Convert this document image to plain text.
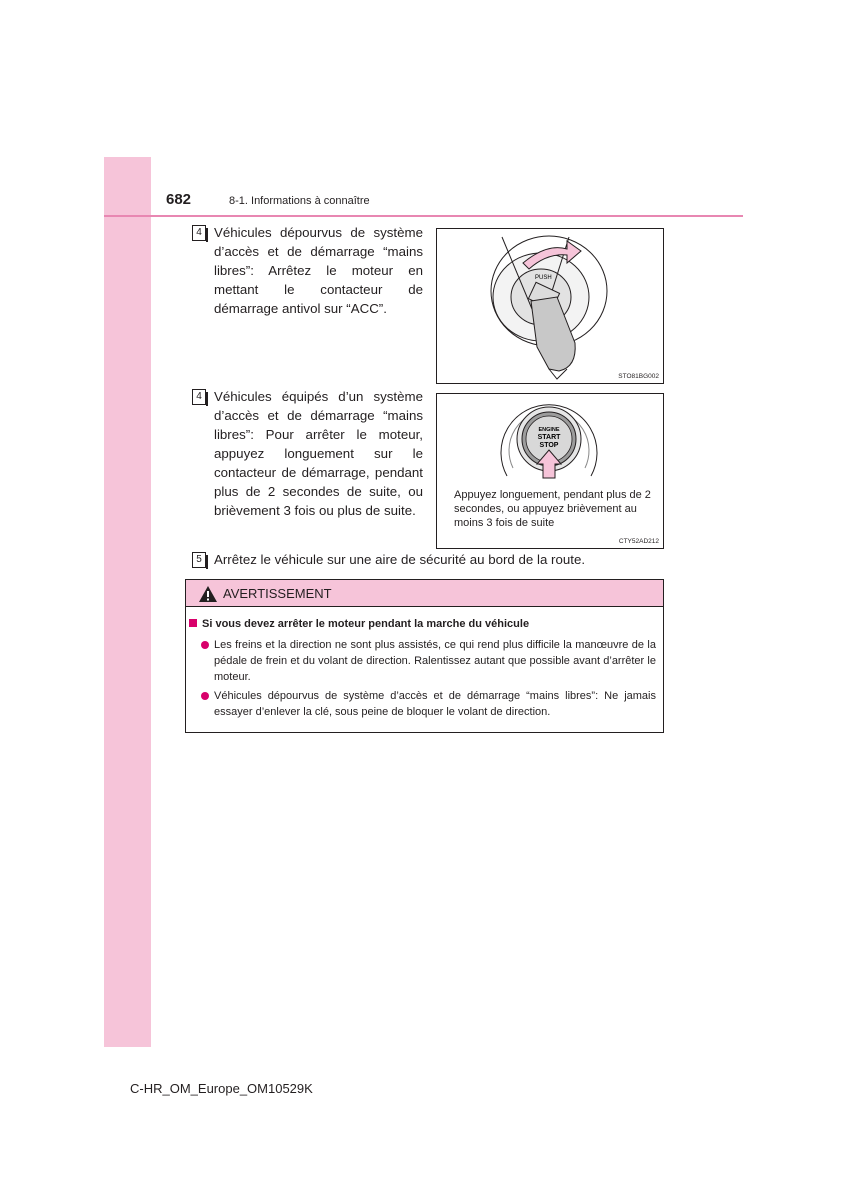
682	8-1. Informations à connaître
4 Véhicules dépourvus de système d’accès et de démarrage “mains libres”: Arrêtez le moteur en mettant le contacteur de démarrage antivol sur “ACC”.
PUSH
STO81BG002
4 Véhicules équipés d’un système d’accès et de démarrage “mains libres”: Pour arrêter le moteur, appuyez longuement sur le contacteur de démarrage, pendant plus de 2 secondes de suite, ou brièvement 3 fois ou plus de suite.
ENGINE
START
STOP
Appuyez longuement, pendant plus de 2 secondes, ou appuyez brièvement au moins 3 fois de suite
CTY52AD212
5 Arrêtez le véhicule sur une aire de sécurité au bord de la route.
AVERTISSEMENT
Si vous devez arrêter le moteur pendant la marche du véhicule
Les freins et la direction ne sont plus assistés, ce qui rend plus difficile la manœuvre de la pédale de frein et du volant de direction. Ralentissez autant que possible avant d’arrêter le moteur.
Véhicules dépourvus de système d’accès et de démarrage “mains libres”: Ne jamais essayer d’enlever la clé, sous peine de bloquer le volant de direction.
C-HR_OM_Europe_OM10529K
